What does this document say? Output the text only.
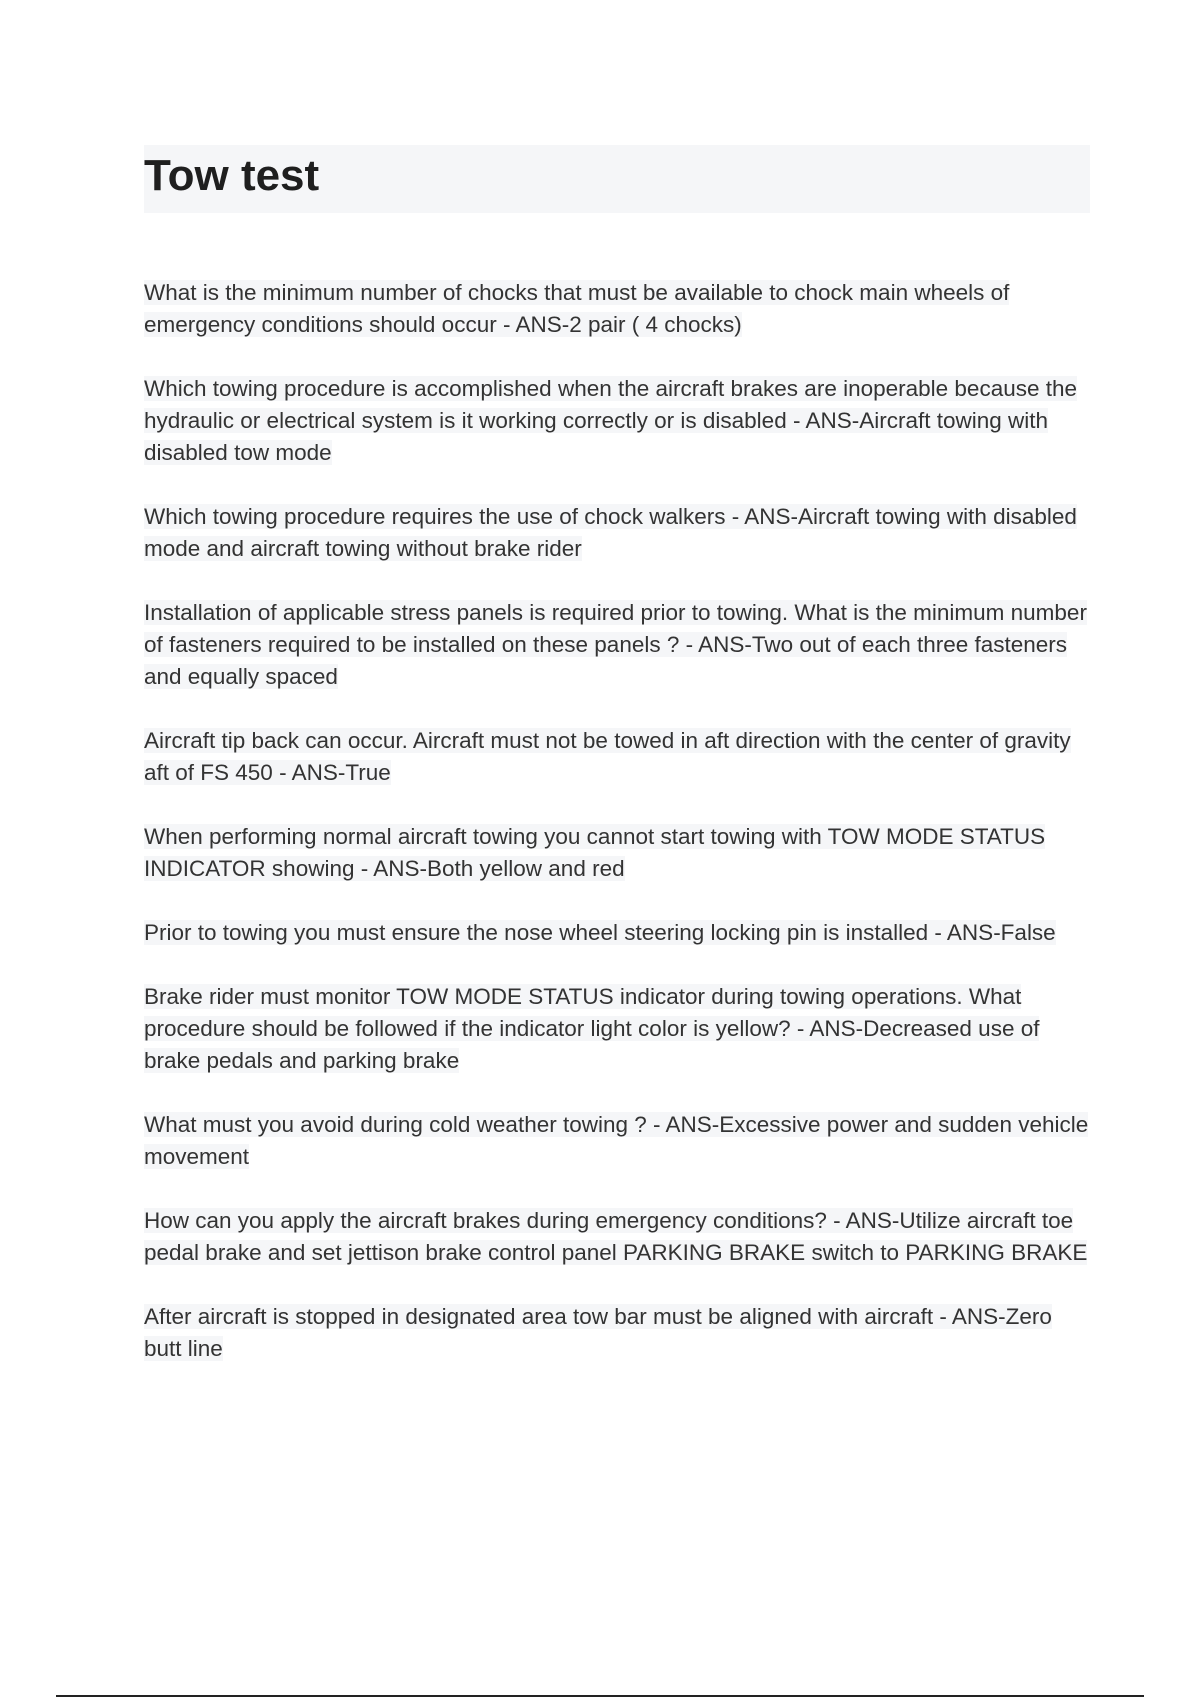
Tow test

What is the minimum number of chocks that must be available to chock main wheels of emergency conditions should occur - ANS-2 pair ( 4 chocks)

Which towing procedure is accomplished when the aircraft brakes are inoperable because the hydraulic or electrical system is it working correctly or is disabled - ANS-Aircraft towing with disabled tow mode

Which towing procedure requires the use of chock walkers - ANS-Aircraft towing with disabled mode and aircraft towing without brake rider

Installation of applicable stress panels is required prior to towing. What is the minimum number of fasteners required to be installed on these panels ? - ANS-Two out of each three fasteners and equally spaced

Aircraft tip back can occur. Aircraft must not be towed in aft direction with the center of gravity aft of FS 450 - ANS-True

When performing normal aircraft towing you cannot start towing with TOW MODE STATUS INDICATOR showing - ANS-Both yellow and red

Prior to towing you must ensure the nose wheel steering locking pin is installed - ANS-False

Brake rider must monitor TOW MODE STATUS indicator during towing operations. What procedure should be followed if the indicator light color is yellow? - ANS-Decreased use of brake pedals and parking brake

What must you avoid during cold weather towing ? - ANS-Excessive power and sudden vehicle movement

How can you apply the aircraft brakes during emergency conditions? - ANS-Utilize aircraft toe pedal brake and set jettison brake control panel PARKING BRAKE switch to PARKING BRAKE

After aircraft is stopped in designated area tow bar must be aligned with aircraft - ANS-Zero butt line
